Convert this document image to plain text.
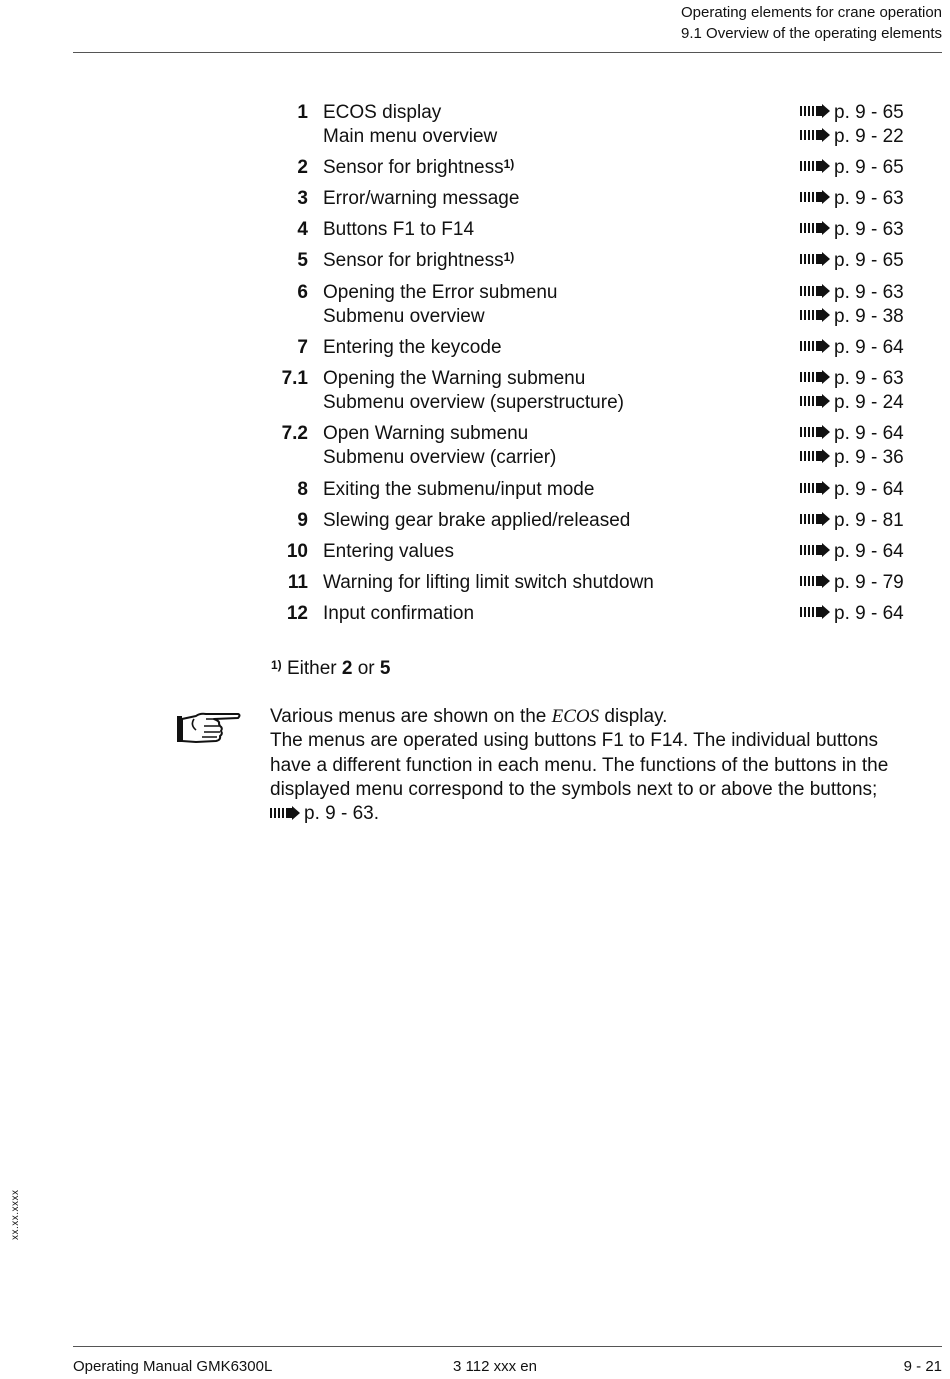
Operating elements for crane operation
9.1 Overview of the operating elements
1 ECOS display	p. 9 - 65
Main menu overview	p. 9 - 22
2 Sensor for brightness$^{1)}$	p. 9 - 65
3 Error/warning message	p. 9 - 63
4 Buttons F1 to F14	p. 9 - 63
5 Sensor for brightness$^{1)}$	p. 9 - 65
6 Opening the Error submenu	p. 9 - 63
Submenu overview	p. 9 - 38
7 Entering the keycode	p. 9 - 64
7.1 Opening the Warning submenu	p. 9 - 63
Submenu overview (superstructure)	p. 9 - 24
7.2 Open Warning submenu	p. 9 - 64
Submenu overview (carrier)	p. 9 - 36
8 Exiting the submenu/input mode	p. 9 - 64
9 Slewing gear brake applied/released	p. 9 - 81
10 Entering values	p. 9 - 64
11 Warning for lifting limit switch shutdown	p. 9 - 79
12 Input confirmation	p. 9 - 64
$^{1)}$ Either 2 or 5
Various menus are shown on the ECOS display.
The menus are operated using buttons F1 to F14. The individual buttons
have a different function in each menu. The functions of the buttons in the
displayed menu correspond to the symbols next to or above the buttons;
p. 9 - 63.
xx.xx.xxxx
Operating Manual GMK6300L	3 112 xxx en	9 - 21
